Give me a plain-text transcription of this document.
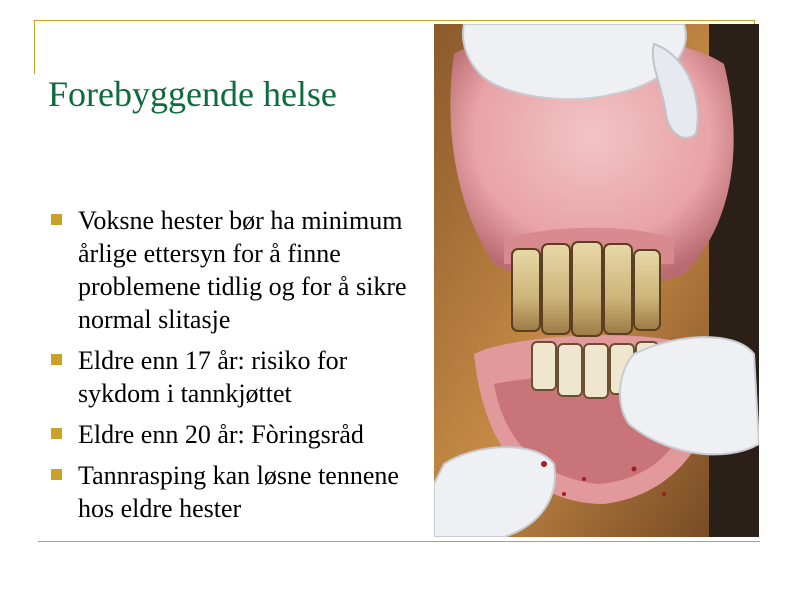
Forebyggende helse
Voksne hester bør ha minimum årlige ettersyn for å finne problemene tidlig og for å sikre normal slitasje
Eldre enn 17 år: risiko for sykdom i tannkjøttet
Eldre enn 20 år: Fòringsråd
Tannrasping kan løsne tennene hos eldre hester
